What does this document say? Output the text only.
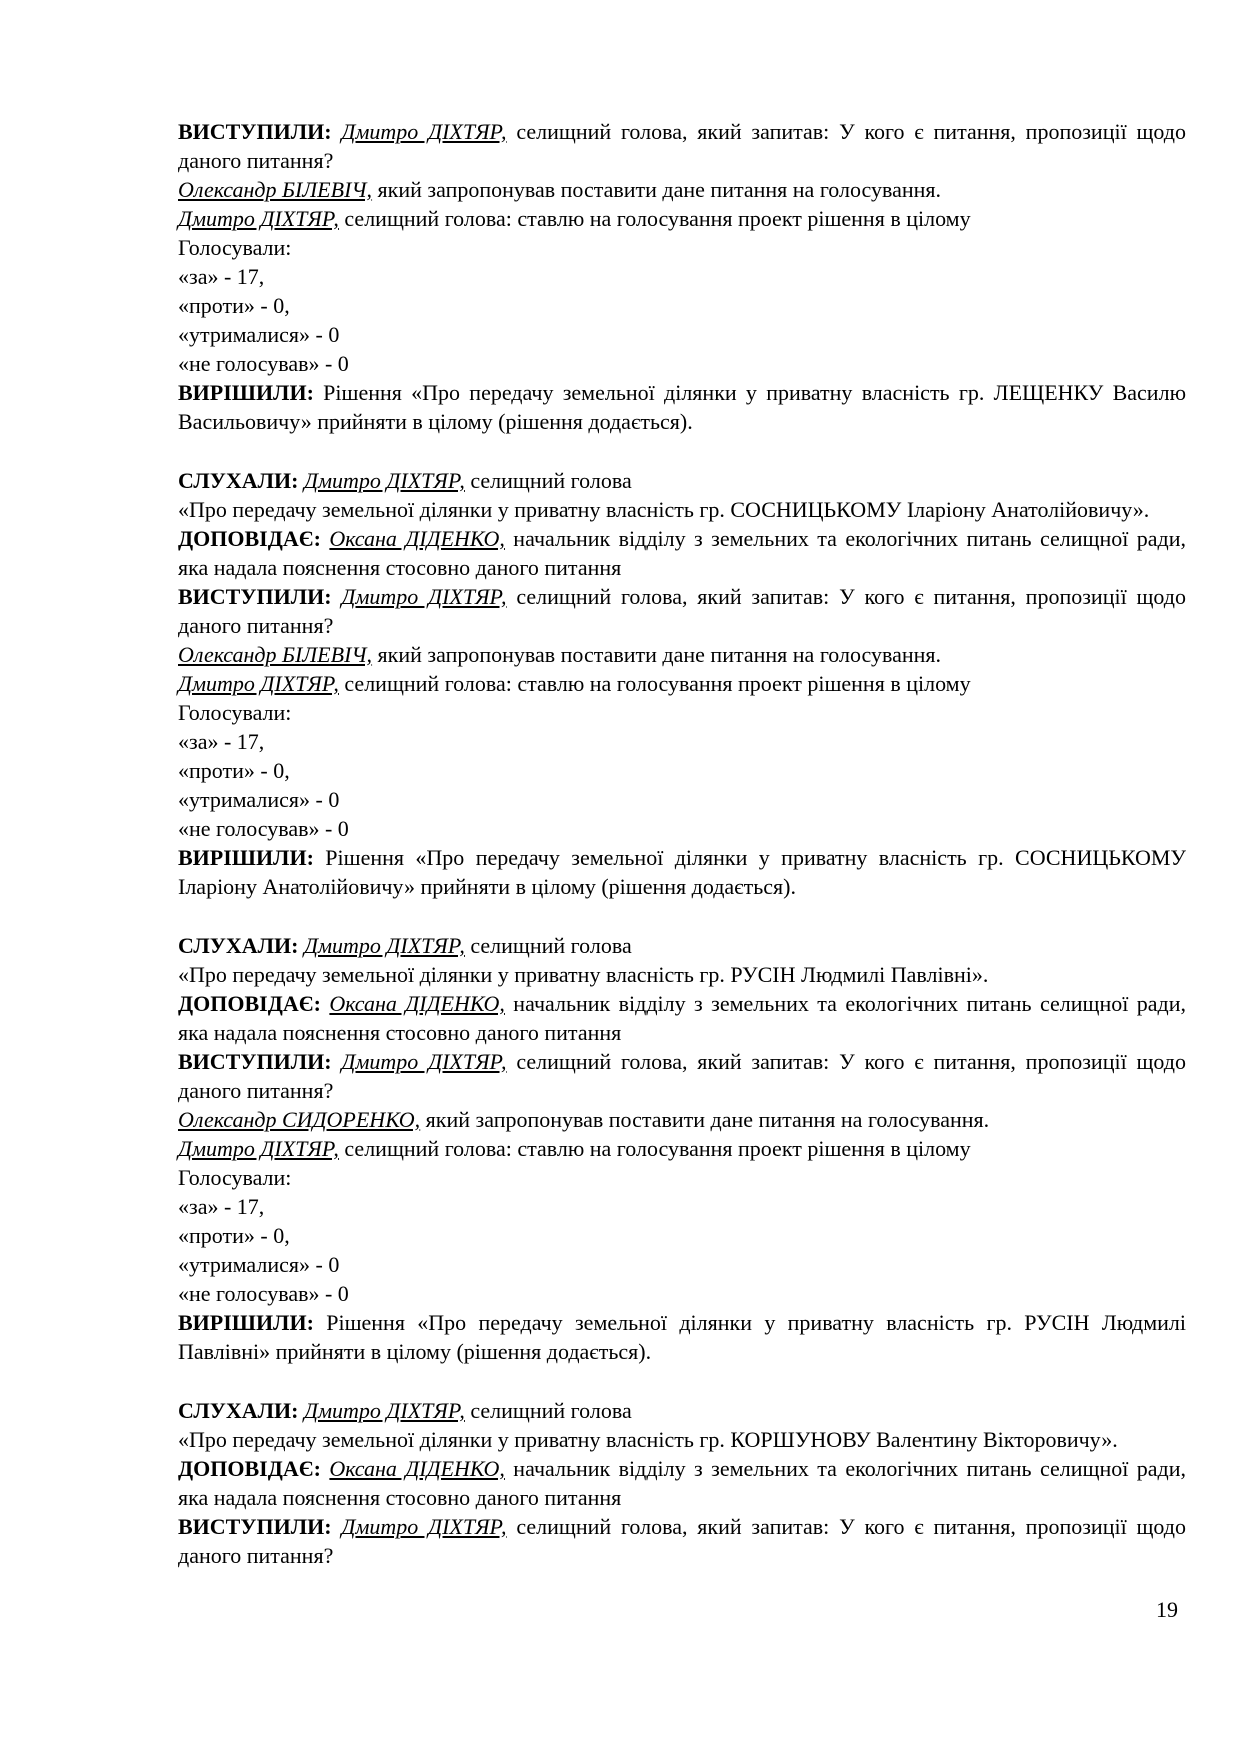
ВИСТУПИЛИ: Дмитро ДІХТЯР, селищний голова, який запитав: У кого є питання, пропозиції щодо даного питання?

Олександр БІЛЕВІЧ, який запропонував поставити дане питання на голосування.

Дмитро ДІХТЯР, селищний голова: ставлю на голосування проект рішення в цілому

Голосували:

«за» - 17,

«проти» - 0,

«утрималися» - 0

«не голосував» - 0

ВИРІШИЛИ: Рішення «Про передачу земельної ділянки у приватну власність гр. ЛЕЩЕНКУ Василю Васильовичу» прийняти в цілому (рішення додається).

СЛУХАЛИ: Дмитро ДІХТЯР, селищний голова

«Про передачу земельної ділянки у приватну власність гр. СОСНИЦЬКОМУ Іларіону Анатолійовичу».

ДОПОВІДАЄ: Оксана ДІДЕНКО, начальник відділу з земельних та екологічних питань селищної ради, яка надала пояснення стосовно даного питання

ВИСТУПИЛИ: Дмитро ДІХТЯР, селищний голова, який запитав: У кого є питання, пропозиції щодо даного питання?

Олександр БІЛЕВІЧ, який запропонував поставити дане питання на голосування.

Дмитро ДІХТЯР, селищний голова: ставлю на голосування проект рішення в цілому

Голосували:

«за» - 17,

«проти» - 0,

«утрималися» - 0

«не голосував» - 0

ВИРІШИЛИ: Рішення «Про передачу земельної ділянки у приватну власність гр. СОСНИЦЬКОМУ Іларіону Анатолійовичу» прийняти в цілому (рішення додається).

СЛУХАЛИ: Дмитро ДІХТЯР, селищний голова

«Про передачу земельної ділянки у приватну власність гр. РУСІН Людмилі Павлівні».

ДОПОВІДАЄ: Оксана ДІДЕНКО, начальник відділу з земельних та екологічних питань селищної ради, яка надала пояснення стосовно даного питання

ВИСТУПИЛИ: Дмитро ДІХТЯР, селищний голова, який запитав: У кого є питання, пропозиції щодо даного питання?

Олександр СИДОРЕНКО, який запропонував поставити дане питання на голосування.

Дмитро ДІХТЯР, селищний голова: ставлю на голосування проект рішення в цілому

Голосували:

«за» - 17,

«проти» - 0,

«утрималися» - 0

«не голосував» - 0

ВИРІШИЛИ: Рішення «Про передачу земельної ділянки у приватну власність гр. РУСІН Людмилі Павлівні» прийняти в цілому (рішення додається).

СЛУХАЛИ: Дмитро ДІХТЯР, селищний голова

«Про передачу земельної ділянки у приватну власність гр. КОРШУНОВУ Валентину Вікторовичу».

ДОПОВІДАЄ: Оксана ДІДЕНКО, начальник відділу з земельних та екологічних питань селищної ради, яка надала пояснення стосовно даного питання

ВИСТУПИЛИ: Дмитро ДІХТЯР, селищний голова, який запитав: У кого є питання, пропозиції щодо даного питання?

19
